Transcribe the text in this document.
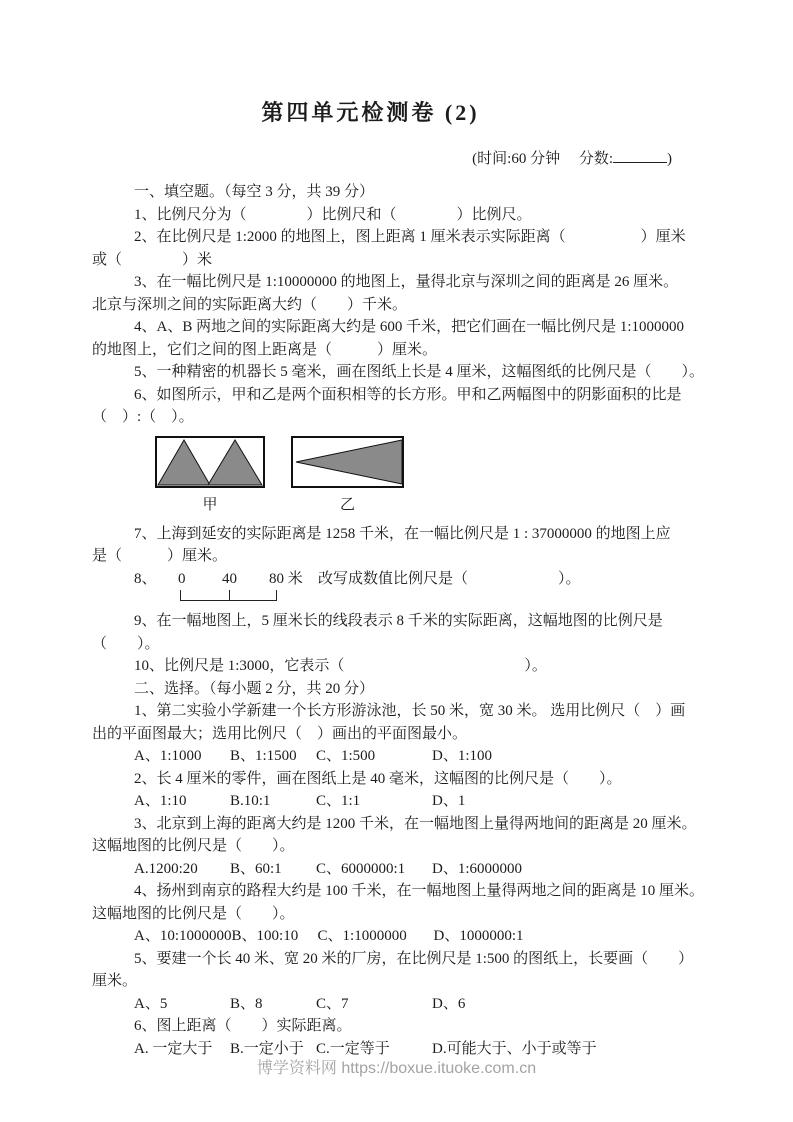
第四单元检测卷 (2)
(时间:60 分钟　 分数:	)
一、填空题。（每空 3 分，共 39 分）
1、比例尺分为（　　　　）比例尺和（　　　　）比例尺。
2、在比例尺是 1:2000 的地图上，图上距离 1 厘米表示实际距离（　　　　　）厘米
或（　　　　）米
3、在一幅比例尺是 1:10000000 的地图上，量得北京与深圳之间的距离是 26 厘米。
北京与深圳之间的实际距离大约（　　）千米。
4、A、B 两地之间的实际距离大约是 600 千米，把它们画在一幅比例尺是 1:1000000
的地图上，它们之间的图上距离是（　　　）厘米。
5、一种精密的机器长 5 毫米，画在图纸上长是 4 厘米，这幅图纸的比例尺是（　　）。
6、如图所示，甲和乙是两个面积相等的长方形。甲和乙两幅图中的阴影面积的比是
（　）:（　）。
甲	乙
7、上海到延安的实际距离是 1258 千米，在一幅比例尺是 1 : 37000000 的地图上应
是（　　　）厘米。
8、 0 40 80 米 改写成数值比例尺是（　　　　　　）。
9、在一幅地图上，5 厘米长的线段表示 8 千米的实际距离，这幅地图的比例尺是
（　　）。
10、比例尺是 1:3000，它表示（　　　　　　　　　　　　）。
二、选择。（每小题 2 分，共 20 分）
1、第二实验小学新建一个长方形游泳池，长 50 米，宽 30 米。 选用比例尺（　）画
出的平面图最大；选用比例尺（　）画出的平面图最小。
A、1:1000 B、1:1500 C、1:500	D、1:100
2、长 4 厘米的零件，画在图纸上是 40 毫米，这幅图的比例尺是（　　）。
A、1:10	B.10:1	C、1:1	D、1
3、北京到上海的距离大约是 1200 千米，在一幅地图上量得两地间的距离是 20 厘米。
这幅地图的比例尺是（　　）。
A.1200:20 B、60:1 C、6000000:1 D、1:6000000
4、扬州到南京的路程大约是 100 千米，在一幅地图上量得两地之间的距离是 10 厘米。
这幅地图的比例尺是（　　）。
A、10:1000000B、100:10 C、1:1000000 D、1000000:1
5、要建一个长 40 米、宽 20 米的厂房，在比例尺是 1:500 的图纸上，长要画（　　）
厘米。
A、5	B、8	C、7	D、6
6、图上距离（　　）实际距离。
A. 一定大于 B.一定小于 C.一定等于	D.可能大于、小于或等于
博学资料网 https://boxue.ituoke.com.cn
